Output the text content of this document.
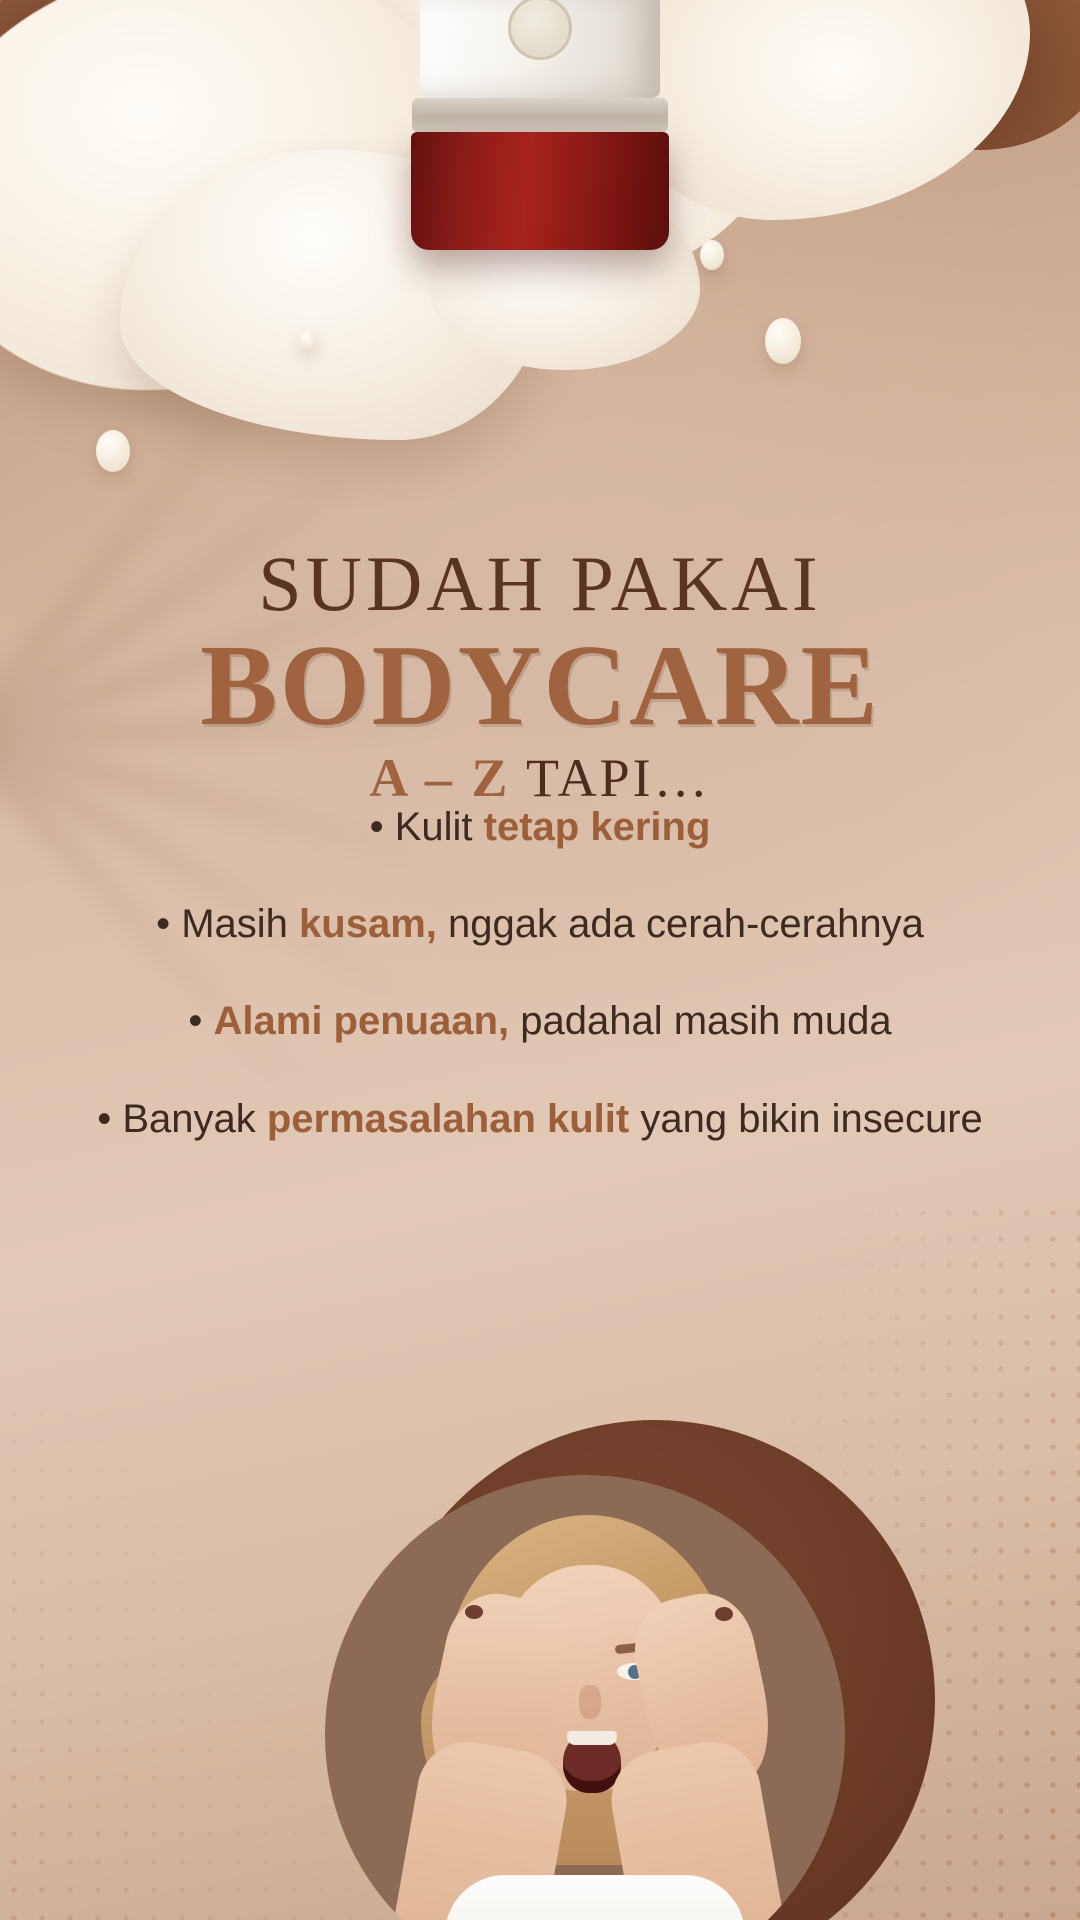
SUDAH PAKAI
BODYCARE
A – Z TAPI…
• Kulit tetap kering
• Masih kusam, nggak ada cerah-cerahnya
• Alami penuaan, padahal masih muda
• Banyak permasalahan kulit yang bikin insecure
